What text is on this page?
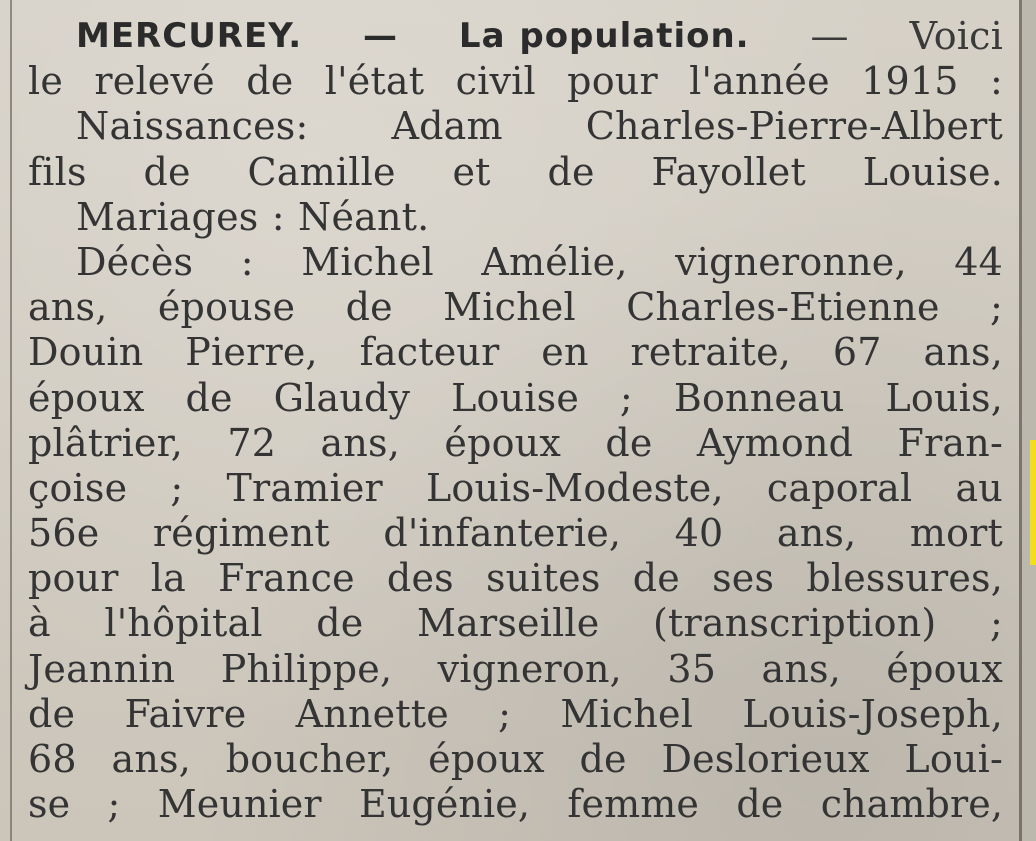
MERCUREY. — La population. — Voici
le relevé de l'état civil pour l'année 1915 :
Naissances: Adam Charles-Pierre-Albert
fils de Camille et de Fayollet Louise.
Mariages : Néant.
Décès : Michel Amélie, vigneronne, 44
ans, épouse de Michel Charles-Etienne ;
Douin Pierre, facteur en retraite, 67 ans,
époux de Glaudy Louise ; Bonneau Louis,
plâtrier, 72 ans, époux de Aymond Fran-
çoise ; Tramier Louis-Modeste, caporal au
56e régiment d'infanterie, 40 ans, mort
pour la France des suites de ses blessures,
à l'hôpital de Marseille (transcription) ;
Jeannin Philippe, vigneron, 35 ans, époux
de Faivre Annette ; Michel Louis-Joseph,
68 ans, boucher, époux de Deslorieux Loui-
se ; Meunier Eugénie, femme de chambre,
